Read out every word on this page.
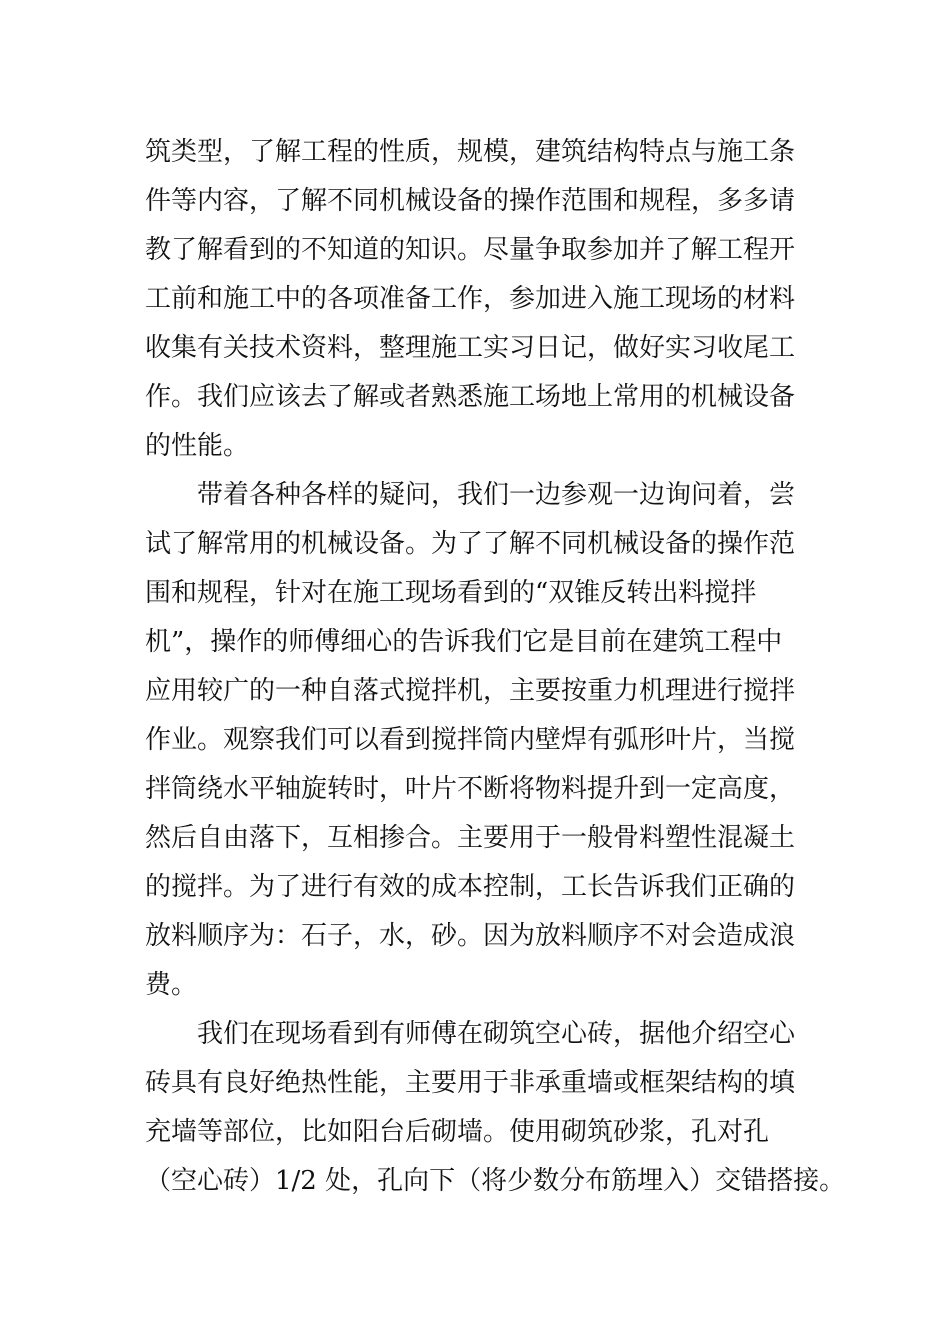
筑类型，了解工程的性质，规模，建筑结构特点与施工条
件等内容，了解不同机械设备的操作范围和规程，多多请
教了解看到的不知道的知识。尽量争取参加并了解工程开
工前和施工中的各项准备工作，参加进入施工现场的材料
收集有关技术资料，整理施工实习日记，做好实习收尾工
作。我们应该去了解或者熟悉施工场地上常用的机械设备
的性能。
　　带着各种各样的疑问，我们一边参观一边询问着，尝
试了解常用的机械设备。为了了解不同机械设备的操作范
围和规程，针对在施工现场看到的“双锥反转出料搅拌
机”，操作的师傅细心的告诉我们它是目前在建筑工程中
应用较广的一种自落式搅拌机，主要按重力机理进行搅拌
作业。观察我们可以看到搅拌筒内壁焊有弧形叶片，当搅
拌筒绕水平轴旋转时，叶片不断将物料提升到一定高度，
然后自由落下，互相掺合。主要用于一般骨料塑性混凝土
的搅拌。为了进行有效的成本控制，工长告诉我们正确的
放料顺序为：石子，水，砂。因为放料顺序不对会造成浪
费。
　　我们在现场看到有师傅在砌筑空心砖，据他介绍空心
砖具有良好绝热性能，主要用于非承重墙或框架结构的填
充墙等部位，比如阳台后砌墙。使用砌筑砂浆，孔对孔
（空心砖）1/2 处，孔向下（将少数分布筋埋入）交错搭接。
